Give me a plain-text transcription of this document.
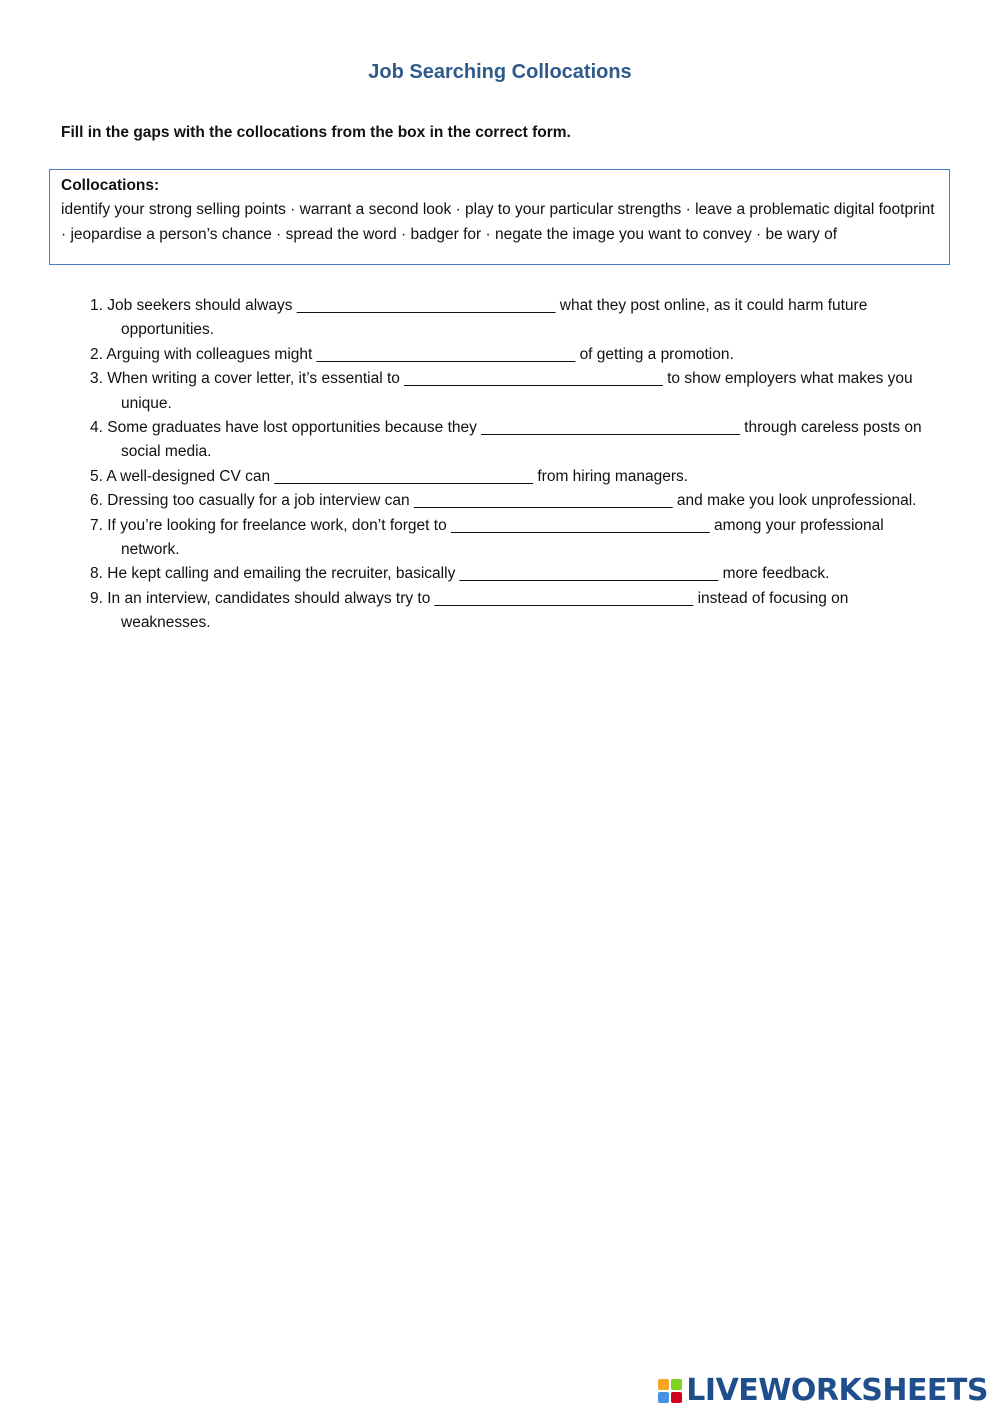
Job Searching Collocations
Fill in the gaps with the collocations from the box in the correct form.
Collocations:
identify your strong selling points · warrant a second look · play to your particular strengths · leave a problematic digital footprint · jeopardise a person’s chance · spread the word · badger for · negate the image you want to convey · be wary of
1. Job seekers should always ______________________________ what they post online, as it could harm future opportunities.
2. Arguing with colleagues might ______________________________ of getting a promotion.
3. When writing a cover letter, it’s essential to ______________________________ to show employers what makes you unique.
4. Some graduates have lost opportunities because they ______________________________ through careless posts on social media.
5. A well-designed CV can ______________________________ from hiring managers.
6. Dressing too casually for a job interview can ______________________________ and make you look unprofessional.
7. If you’re looking for freelance work, don’t forget to ______________________________ among your professional network.
8. He kept calling and emailing the recruiter, basically ______________________________ more feedback.
9. In an interview, candidates should always try to ______________________________ instead of focusing on weaknesses.
LIVEWORKSHEETS
